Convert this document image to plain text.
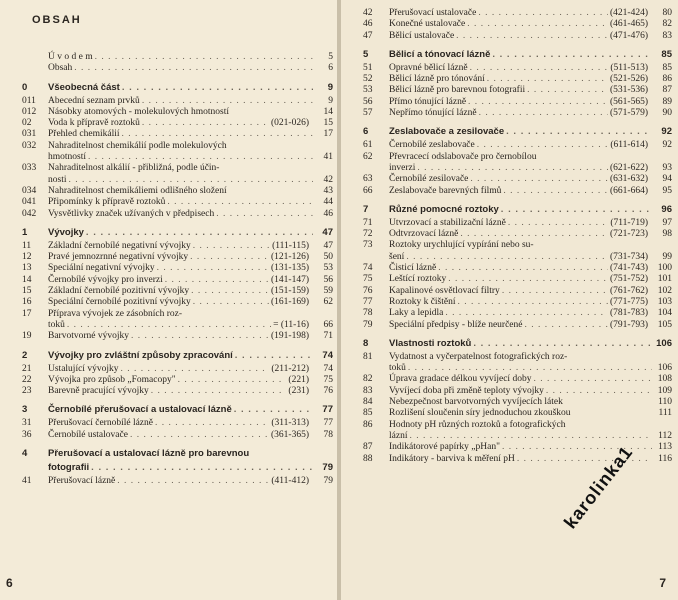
OBSAH
Ú v o d e m . . .	5
Obsah . . .	6
0	Všeobecná část . . .	9
011	Abecední seznam prvků . . .	9
012	Násobky atomových - molekulových hmotností	14
02	Voda k přípravě roztoků . . .	(021-026)	15
031	Přehled chemikálií . . .	17
032	Nahraditelnost chemikálií podle molekulových
hmotností . . .	41
033	Nahraditelnost alkálií - přibližná, podle účin-
nosti . . .	42
034	Nahraditelnost chemikáliemi odlišného složení	43
041	Připomínky k přípravě roztoků . . .	44
042	Vysvětlivky značek užívaných v předpisech . . .	46
1	Vývojky . . .	47
11	Základní černobílé negativní vývojky . . .	(111-115)	47
12	Pravé jemnozrnné negativní vývojky . . .	(121-126)	50
13	Speciální negativní vývojky . . .	(131-135)	53
14	Černobílé vývojky pro inverzi . . .	(141-147)	56
15	Základní černobílé pozitivní vývojky . . .	(151-159)	59
16	Speciální černobílé pozitivní vývojky . . .	(161-169)	62
17	Příprava vývojek ze zásobních roz-
toků . . .	= (11-16)	66
19	Barvotvorné vývojky . . .	(191-198)	71
2	Vývojky pro zvláštní způsoby zpracování . . .	74
21	Ustalující vývojky . . .	(211-212)	74
22	Vývojka pro způsob „Fomacopy" . . .	(221)	75
23	Barevně pracující vývojky . . .	(231)	76
3	Černobílé přerušovací a ustalovací lázně . . .	77
31	Přerušovací černobílé lázně . . .	(311-313)	77
36	Černobílé ustalovače . . .	(361-365)	78
4	Přerušovací a ustalovací lázně pro barevnou
fotografii . . .	79
41	Přerušovací lázně . . .	(411-412)	79
6
42	Přerušovací ustalovače . . .	(421-424)	80
46	Konečné ustalovače . . .	(461-465)	82
47	Bělicí ustalovače . . .	(471-476)	83
5	Bělicí a tónovací lázně . . .	85
51	Opravné bělicí lázně . . .	(511-513)	85
52	Bělicí lázně pro tónování . . .	(521-526)	86
53	Bělicí lázně pro barevnou fotografii . . .	(531-536)	87
56	Přímo tónující lázně . . .	(561-565)	89
57	Nepřímo tónující lázně . . .	(571-579)	90
6	Zeslabovače a zesilovače . . .	92
61	Černobílé zeslabovače . . .	(611-614)	92
62	Převracecí odslabovače pro černobílou
inverzi . . .	(621-622)	93
63	Černobílé zesilovače . . .	(631-632)	94
66	Zeslabovače barevných filmů . . .	(661-664)	95
7	Různé pomocné roztoky . . .	96
71	Utvrzovací a stabilizační lázně . . .	(711-719)	97
72	Odtvrzovací lázně . . .	(721-723)	98
73	Roztoky urychlující vypírání nebo su-
šení . . .	(731-734)	99
74	Čisticí lázně . . .	(741-743)	100
75	Leštící roztoky . . .	(751-752)	101
76	Kapalinové osvětlovací filtry . . .	(761-762)	102
77	Roztoky k čištění . . .	(771-775)	103
78	Laky a lepidla . . .	(781-783)	104
79	Speciální předpisy - blíže neurčené . . .	(791-793)	105
8	Vlastnosti roztoků . . .	106
81	Vydatnost a vyčerpatelnost fotografických roz-
toků . . .	106
82	Úprava gradace délkou vyvíjecí doby . . .	108
83	Vyvíjecí doba při změně teploty vývojky . . .	109
84	Nebezpečnost barvotvorných vyvíjecích látek	110
85	Rozlišení sloučenin síry jednoduchou zkouškou	111
86	Hodnoty pH různých roztoků a fotografických
lázní . . .	112
87	Indikátorové papírky „pHan" . . .	113
88	Indikátory - barviva k měření pH . . .	116
7
karolinka1
